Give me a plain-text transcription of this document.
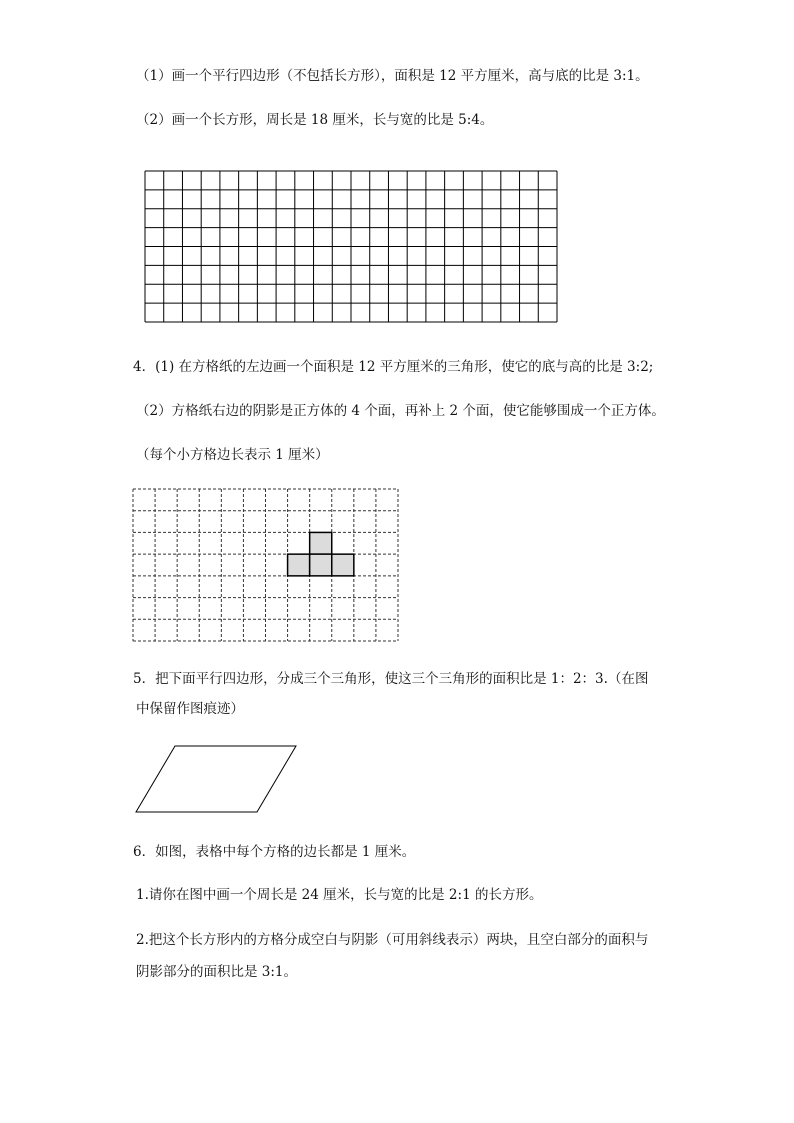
（1）画一个平行四边形（不包括长方形），面积是 12 平方厘米，高与底的比是 3:1。
（2）画一个长方形，周长是 18 厘米，长与宽的比是 5:4。
4．(1) 在方格纸的左边画一个面积是 12 平方厘米的三角形，使它的底与高的比是 3:2;
（2）方格纸右边的阴影是正方体的 4 个面，再补上 2 个面，使它能够围成一个正方体。
（每个小方格边长表示 1 厘米）
5．把下面平行四边形，分成三个三角形，使这三个三角形的面积比是 1：2：3.（在图
中保留作图痕迹）
6．如图，表格中每个方格的边长都是 1 厘米。
1.请你在图中画一个周长是 24 厘米，长与宽的比是 2:1 的长方形。
2.把这个长方形内的方格分成空白与阴影（可用斜线表示）两块，且空白部分的面积与
阴影部分的面积比是 3:1。
